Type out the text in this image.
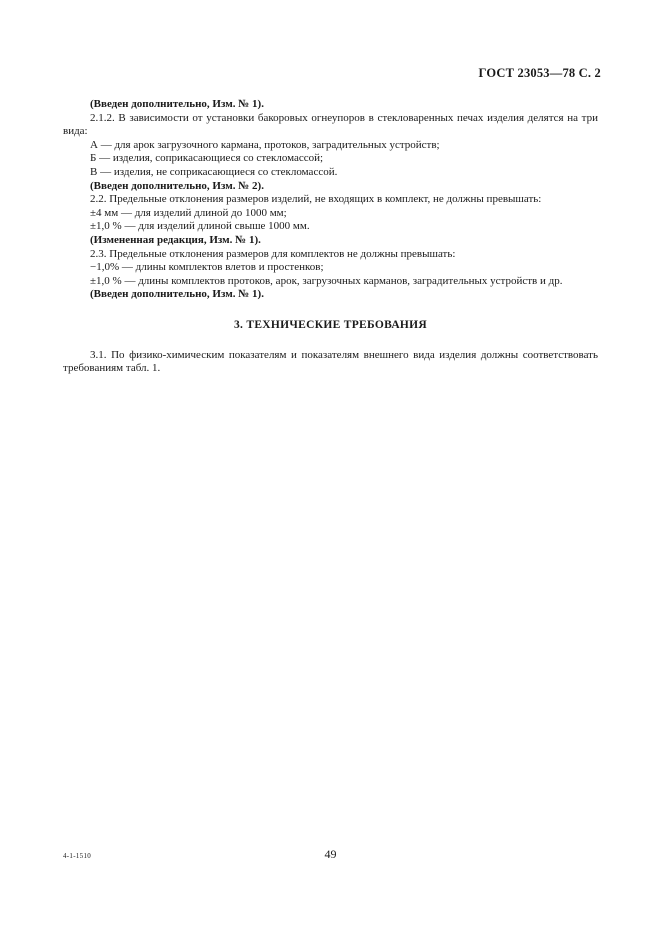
ГОСТ 23053—78 С. 2

(Введен дополнительно, Изм. № 1).

2.1.2. В зависимости от установки бакоровых огнеупоров в стекловаренных печах изделия делятся на три вида:

А — для арок загрузочного кармана, протоков, заградительных устройств;

Б — изделия, соприкасающиеся со стекломассой;

В — изделия, не соприкасающиеся со стекломассой.

(Введен дополнительно, Изм. № 2).

2.2. Предельные отклонения размеров изделий, не входящих в комплект, не должны превышать:

±4 мм — для изделий длиной до 1000 мм;

±1,0 % — для изделий длиной свыше 1000 мм.

(Измененная редакция, Изм. № 1).

2.3. Предельные отклонения размеров для комплектов не должны превышать:

−1,0% — длины комплектов влетов и простенков;

±1,0 % — длины комплектов протоков, арок, загрузочных карманов, заградительных устройств и др.

(Введен дополнительно, Изм. № 1).

3. ТЕХНИЧЕСКИЕ ТРЕБОВАНИЯ

3.1. По физико-химическим показателям и показателям внешнего вида изделия должны соответствовать требованиям табл. 1.

4-1-1510	49
